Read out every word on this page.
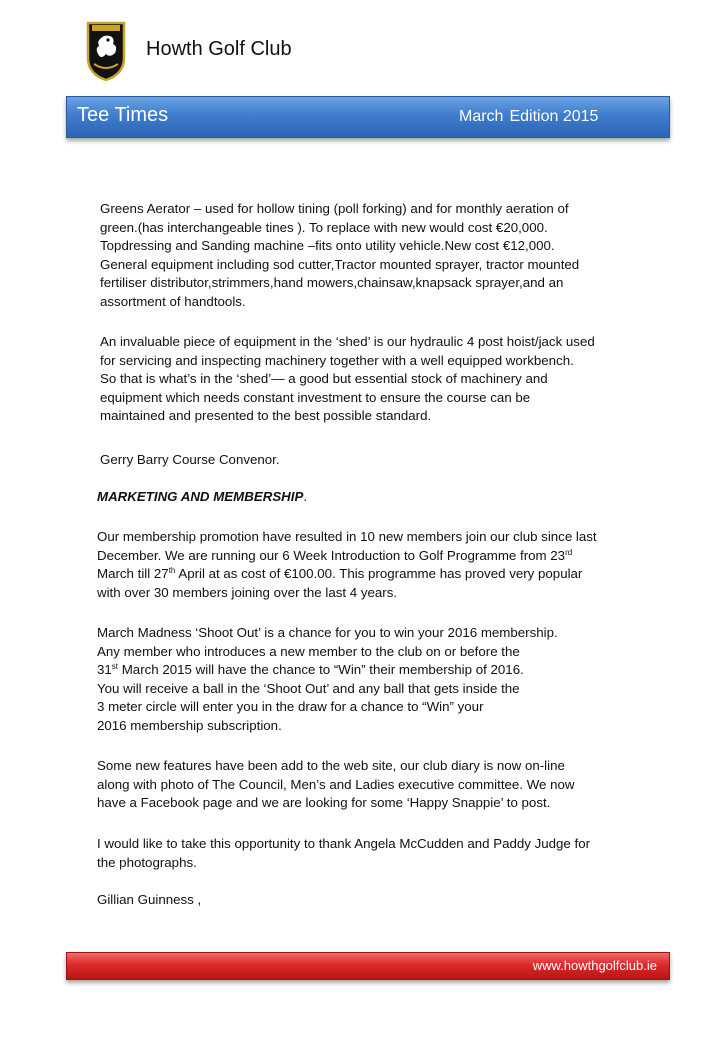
Howth Golf Club
Tee Times	March Edition 2015

Greens Aerator – used for hollow tining (poll forking) and for monthly aeration of

green.(has interchangeable tines ). To replace with new would cost €20,000.

Topdressing and Sanding machine –fits onto utility vehicle.New cost €12,000.

General equipment including sod cutter,Tractor mounted sprayer, tractor mounted

fertiliser distributor,strimmers,hand mowers,chainsaw,knapsack sprayer,and an

assortment of handtools.

An invaluable piece of equipment in the ‘shed’ is our hydraulic 4 post hoist/jack used

for servicing and inspecting machinery together with a well equipped workbench.

So that is what’s in the ‘shed’— a good but essential stock of machinery and

equipment which needs constant investment to ensure the course can be

maintained and presented to the best possible standard.

Gerry Barry Course Convenor.

MARKETING AND MEMBERSHIP.

Our membership promotion have resulted in 10 new members join our club since last

December. We are running our 6 Week Introduction to Golf Programme from 23rd

March till 27th April at as cost of €100.00. This programme has proved very popular

with over 30 members joining over the last 4 years.

March Madness ‘Shoot Out’ is a chance for you to win your 2016 membership.

Any member who introduces a new member to the club on or before the

31st March 2015 will have the chance to “Win” their membership of 2016.

You will receive a ball in the ‘Shoot Out’ and any ball that gets inside the

3 meter circle will enter you in the draw for a chance to “Win” your

2016 membership subscription.

Some new features have been add to the web site, our club diary is now on-line

along with photo of The Council, Men’s and Ladies executive committee. We now

have a Facebook page and we are looking for some ‘Happy Snappie’ to post.

I would like to take this opportunity to thank Angela McCudden and Paddy Judge for

the photographs.

Gillian Guinness ,

www.howthgolfclub.ie
